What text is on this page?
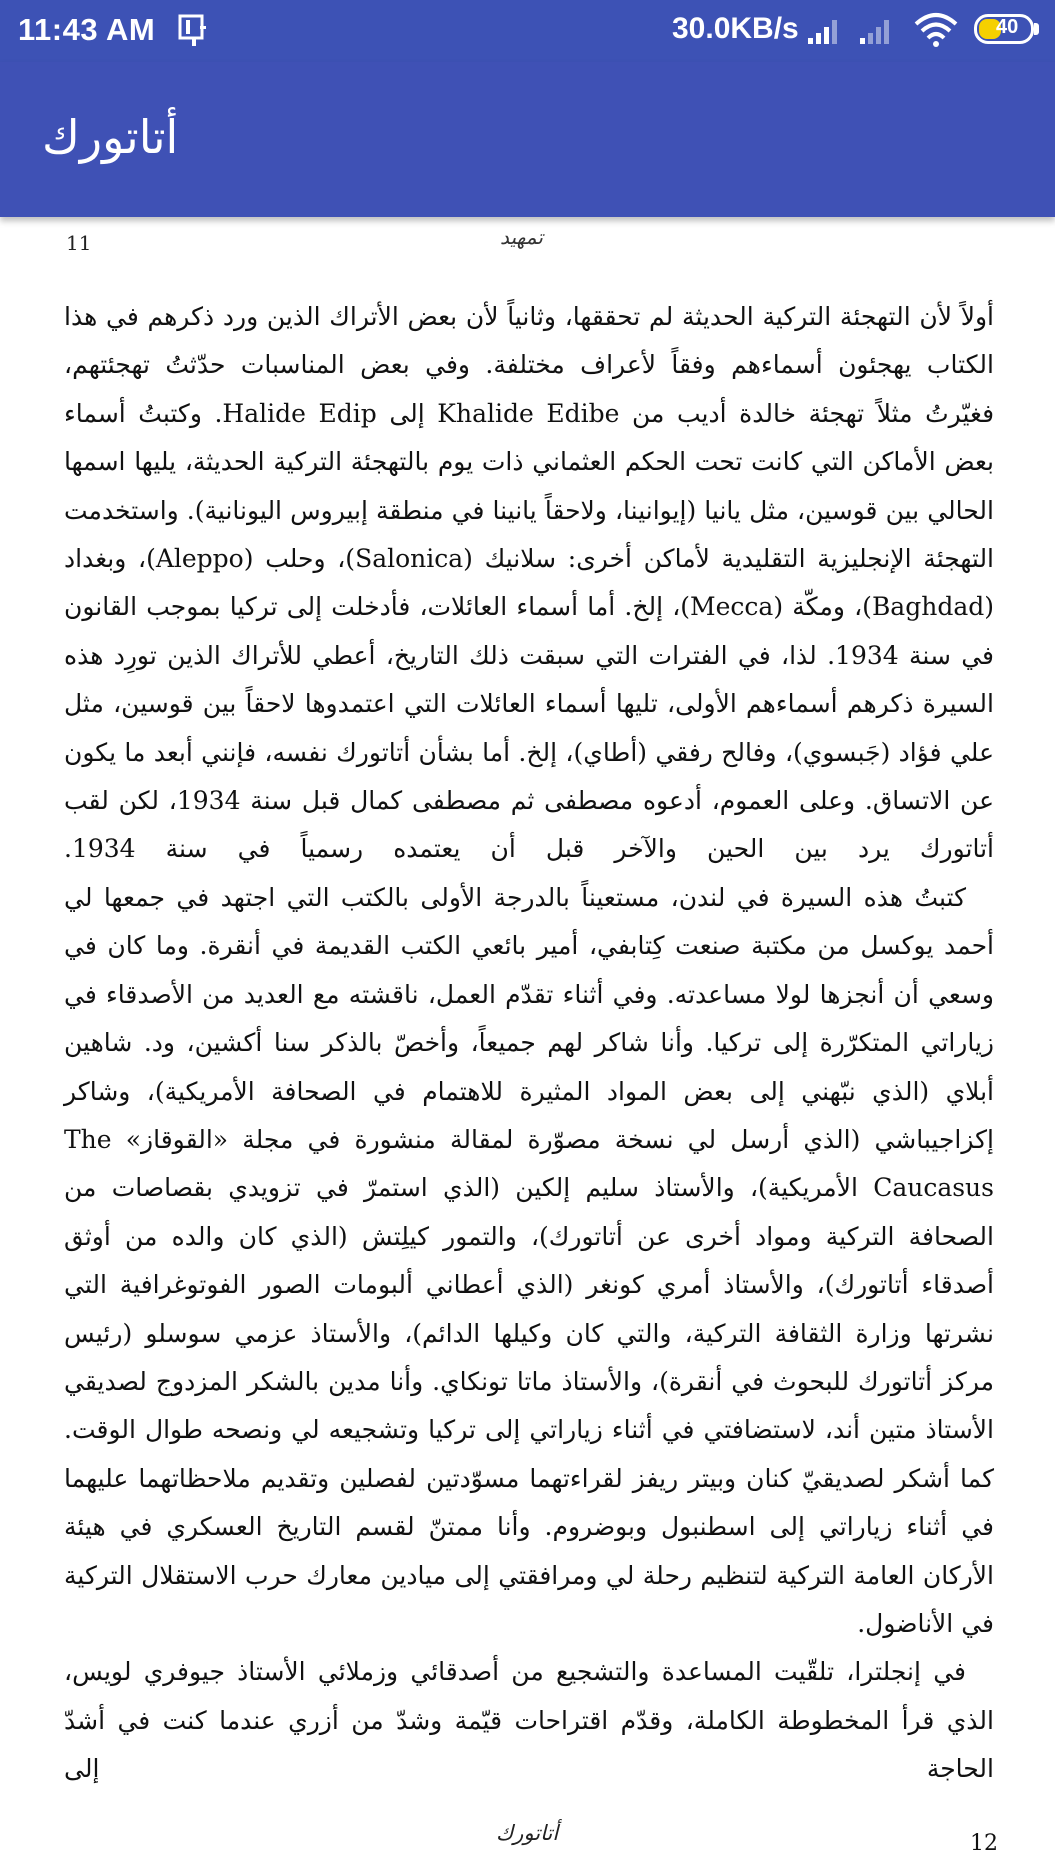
11:43 AM	30.0KB/s	40
أتاتورك
11	تمهيد

أولاً لأن التهجئة التركية الحديثة لم تحققها، وثانياً لأن بعض الأتراك الذين ورد ذكرهم في هذا الكتاب يهجئون أسماءهم وفقاً لأعراف مختلفة. وفي بعض المناسبات حدّثتُ تهجئتهم، فغيّرتُ مثلاً تهجئة خالدة أديب من Khalide Edibe إلى Halide Edip. وكتبتُ أسماء بعض الأماكن التي كانت تحت الحكم العثماني ذات يوم بالتهجئة التركية الحديثة، يليها اسمها الحالي بين قوسين، مثل يانيا (إيوانينا، ولاحقاً يانينا في منطقة إبيروس اليونانية). واستخدمت التهجئة الإنجليزية التقليدية لأماكن أخرى: سلانيك (Salonica)، وحلب (Aleppo)، وبغداد (Baghdad)، ومكّة (Mecca)، إلخ. أما أسماء العائلات، فأدخلت إلى تركيا بموجب القانون في سنة 1934. لذا، في الفترات التي سبقت ذلك التاريخ، أعطي للأتراك الذين تورِد هذه السيرة ذكرهم أسماءهم الأولى، تليها أسماء العائلات التي اعتمدوها لاحقاً بين قوسين، مثل علي فؤاد (جَبسوي)، وفالح رفقي (أطاي)، إلخ. أما بشأن أتاتورك نفسه، فإنني أبعد ما يكون عن الاتساق. وعلى العموم، أدعوه مصطفى ثم مصطفى كمال قبل سنة 1934، لكن لقب أتاتورك يرد بين الحين والآخر قبل أن يعتمده رسمياً في سنة 1934.

كتبتُ هذه السيرة في لندن، مستعيناً بالدرجة الأولى بالكتب التي اجتهد في جمعها لي أحمد يوكسل من مكتبة صنعت كِتابفي، أمير بائعي الكتب القديمة في أنقرة. وما كان في وسعي أن أنجزها لولا مساعدته. وفي أثناء تقدّم العمل، ناقشته مع العديد من الأصدقاء في زياراتي المتكرّرة إلى تركيا. وأنا شاكر لهم جميعاً، وأخصّ بالذكر سنا أكشين، ود. شاهين أبلاي (الذي نبّهني إلى بعض المواد المثيرة للاهتمام في الصحافة الأمريكية)، وشاكر إكزاجيباشي (الذي أرسل لي نسخة مصوّرة لمقالة منشورة في مجلة «القوقاز» The Caucasus الأمريكية)، والأستاذ سليم إلكين (الذي استمرّ في تزويدي بقصاصات من الصحافة التركية ومواد أخرى عن أتاتورك)، والتمور كيلِتش (الذي كان والده من أوثق أصدقاء أتاتورك)، والأستاذ أمري كونغر (الذي أعطاني ألبومات الصور الفوتوغرافية التي نشرتها وزارة الثقافة التركية، والتي كان وكيلها الدائم)، والأستاذ عزمي سوسلو (رئيس مركز أتاتورك للبحوث في أنقرة)، والأستاذ ماتا تونكاي. وأنا مدين بالشكر المزدوج لصديقي الأستاذ متين أند، لاستضافتي في أثناء زياراتي إلى تركيا وتشجيعه لي ونصحه طوال الوقت. كما أشكر لصديقيّ كنان وبيتر ريفز لقراءتهما مسوّدتين لفصلين وتقديم ملاحظاتهما عليهما في أثناء زياراتي إلى اسطنبول وبوضروم. وأنا ممتنّ لقسم التاريخ العسكري في هيئة الأركان العامة التركية لتنظيم رحلة لي ومرافقتي إلى ميادين معارك حرب الاستقلال التركية في الأناضول.

في إنجلترا، تلقّيت المساعدة والتشجيع من أصدقائي وزملائي الأستاذ جيوفري لويس، الذي قرأ المخطوطة الكاملة، وقدّم اقتراحات قيّمة وشدّ من أزري عندما كنت في أشدّ الحاجة إلى

أتاتورك	12
